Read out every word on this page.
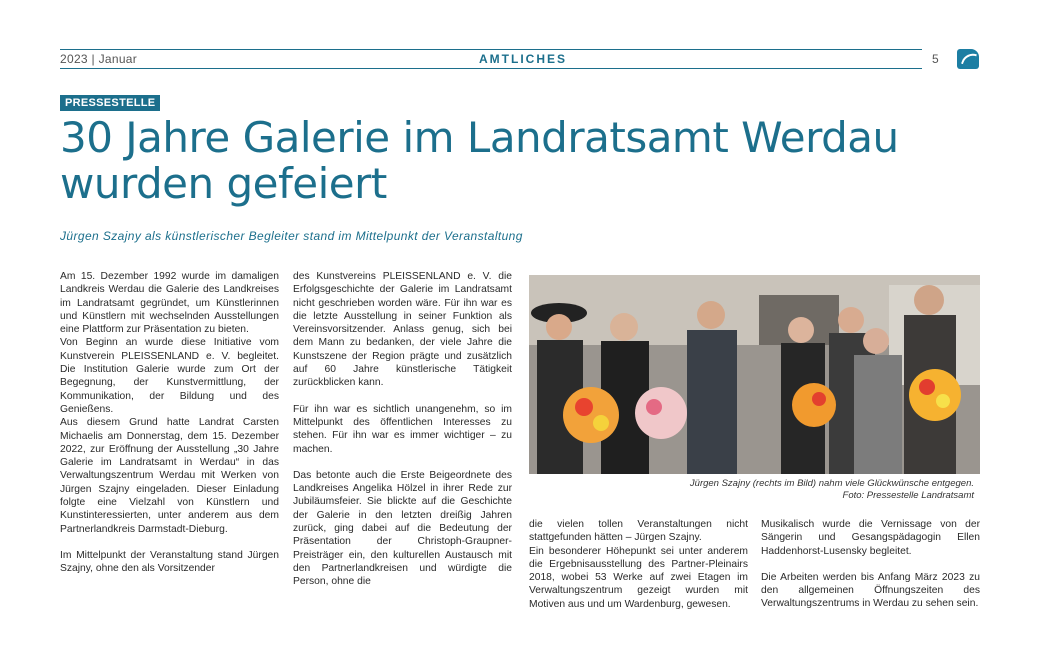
2023 | Januar	AMTLICHES	5
PRESSESTELLE
30 Jahre Galerie im Landratsamt Werdau
wurden gefeiert
Jürgen Szajny als künstlerischer Begleiter stand im Mittelpunkt der Veranstaltung

Am 15. Dezember 1992 wurde im damaligen Landkreis Werdau die Galerie des Landkreises im Landratsamt gegründet, um Künstlerinnen und Künstlern mit wechselnden Ausstellungen eine Plattform zur Präsentation zu bieten.

Von Beginn an wurde diese Initiative vom Kunstverein PLEISSENLAND e. V. begleitet. Die Institution Galerie wurde zum Ort der Begegnung, der Kunstvermittlung, der Kommunikation, der Bildung und des Genießens.

Aus diesem Grund hatte Landrat Carsten Michaelis am Donnerstag, dem 15. Dezember 2022, zur Eröffnung der Ausstellung „30 Jahre Galerie im Landratsamt in Werdau“ in das Verwaltungszentrum Werdau mit Werken von Jürgen Szajny eingeladen. Dieser Einladung folgte eine Vielzahl von Künstlern und Kunstinteressierten, unter anderem aus dem Partnerlandkreis Darmstadt-Dieburg.

Im Mittelpunkt der Veranstaltung stand Jürgen Szajny, ohne den als Vorsitzender

des Kunstvereins PLEISSENLAND e. V. die Erfolgsgeschichte der Galerie im Landratsamt nicht geschrieben worden wäre. Für ihn war es die letzte Ausstellung in seiner Funktion als Vereinsvorsitzender. Anlass genug, sich bei dem Mann zu bedanken, der viele Jahre die Kunstszene der Region prägte und zusätzlich auf 60 Jahre künstlerische Tätigkeit zurückblicken kann.

Für ihn war es sichtlich unangenehm, so im Mittelpunkt des öffentlichen Interesses zu stehen. Für ihn war es immer wichtiger – zu machen.

Das betonte auch die Erste Beigeordnete des Landkreises Angelika Hölzel in ihrer Rede zur Jubiläumsfeier. Sie blickte auf die Geschichte der Galerie in den letzten dreißig Jahren zurück, ging dabei auf die Bedeutung der Präsentation der Christoph-Graupner-Preisträger ein, den kulturellen Austausch mit den Partnerlandkreisen und würdigte die Person, ohne die

Jürgen Szajny (rechts im Bild) nahm viele Glückwünsche entgegen.
Foto: Pressestelle Landratsamt

die vielen tollen Veranstaltungen nicht stattgefunden hätten – Jürgen Szajny.

Ein besonderer Höhepunkt sei unter anderem die Ergebnisausstellung des Partner-Pleinairs 2018, wobei 53 Werke auf zwei Etagen im Verwaltungszentrum gezeigt wurden mit Motiven aus und um Wardenburg, gewesen.

Musikalisch wurde die Vernissage von der Sängerin und Gesangspädagogin Ellen Haddenhorst-Lusensky begleitet.

Die Arbeiten werden bis Anfang März 2023 zu den allgemeinen Öffnungszeiten des Verwaltungszentrums in Werdau zu sehen sein.
